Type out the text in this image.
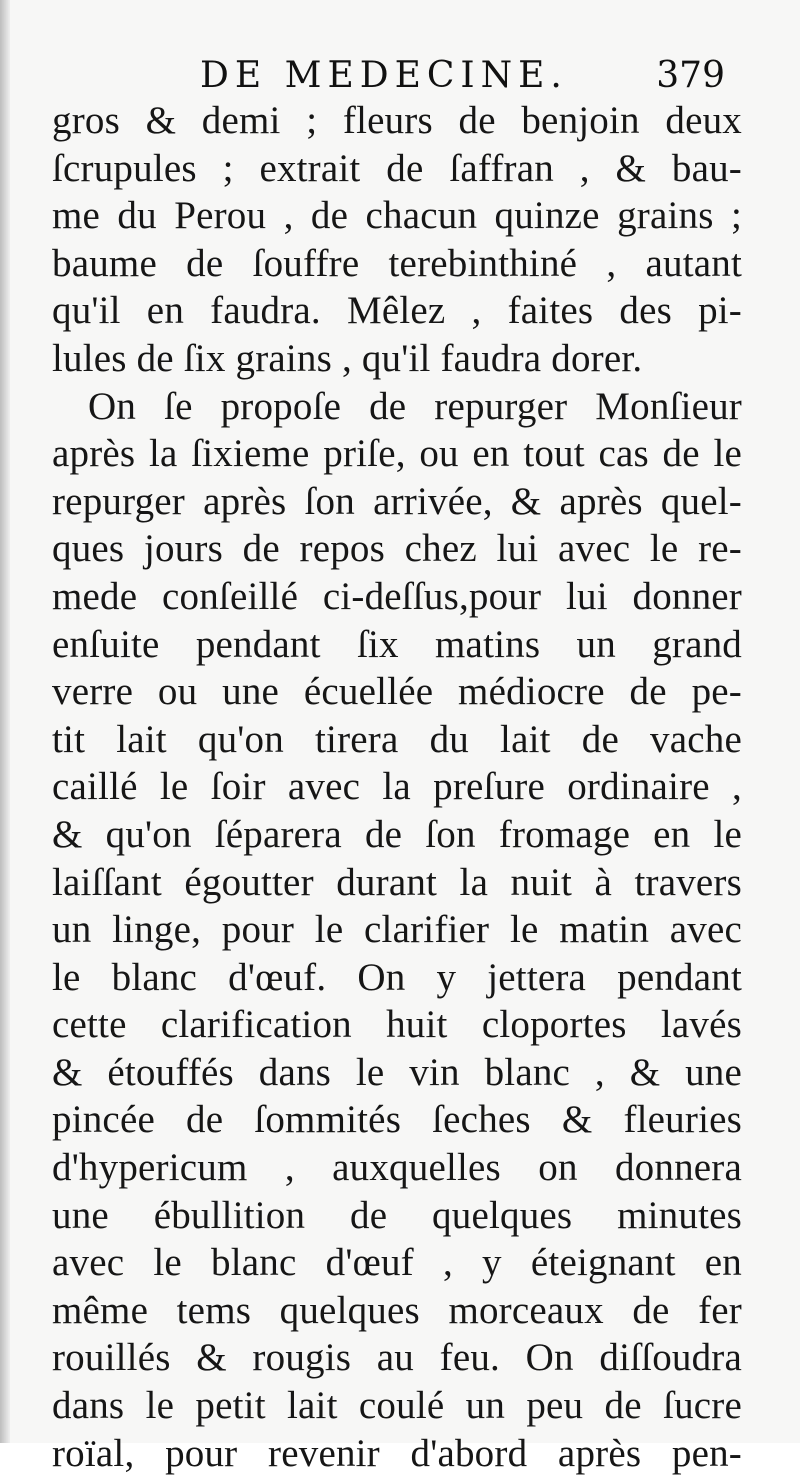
DE MEDECINE. 379
gros & demi ; fleurs de benjoin deux
ſcrupules ; extrait de ſaffran , & bau-
me du Perou , de chacun quinze grains ;
baume de ſouffre terebinthiné , autant
qu'il en faudra. Mêlez , faites des pi-
lules de ſix grains , qu'il faudra dorer.
On ſe propoſe de repurger Monſieur
après la ſixieme priſe, ou en tout cas de le
repurger après ſon arrivée, & après quel-
ques jours de repos chez lui avec le re-
mede conſeillé ci-deſſus,pour lui donner
enſuite pendant ſix matins un grand
verre ou une écuellée médiocre de pe-
tit lait qu'on tirera du lait de vache
caillé le ſoir avec la preſure ordinaire ,
& qu'on ſéparera de ſon fromage en le
laiſſant égoutter durant la nuit à travers
un linge, pour le clarifier le matin avec
le blanc d'œuf. On y jettera pendant
cette clarification huit cloportes lavés
& étouffés dans le vin blanc , & une
pincée de ſommités ſeches & fleuries
d'hypericum , auxquelles on donnera
une ébullition de quelques minutes
avec le blanc d'œuf , y éteignant en
même tems quelques morceaux de fer
rouillés & rougis au feu. On diſſoudra
dans le petit lait coulé un peu de ſucre
roïal, pour revenir d'abord après pen-
